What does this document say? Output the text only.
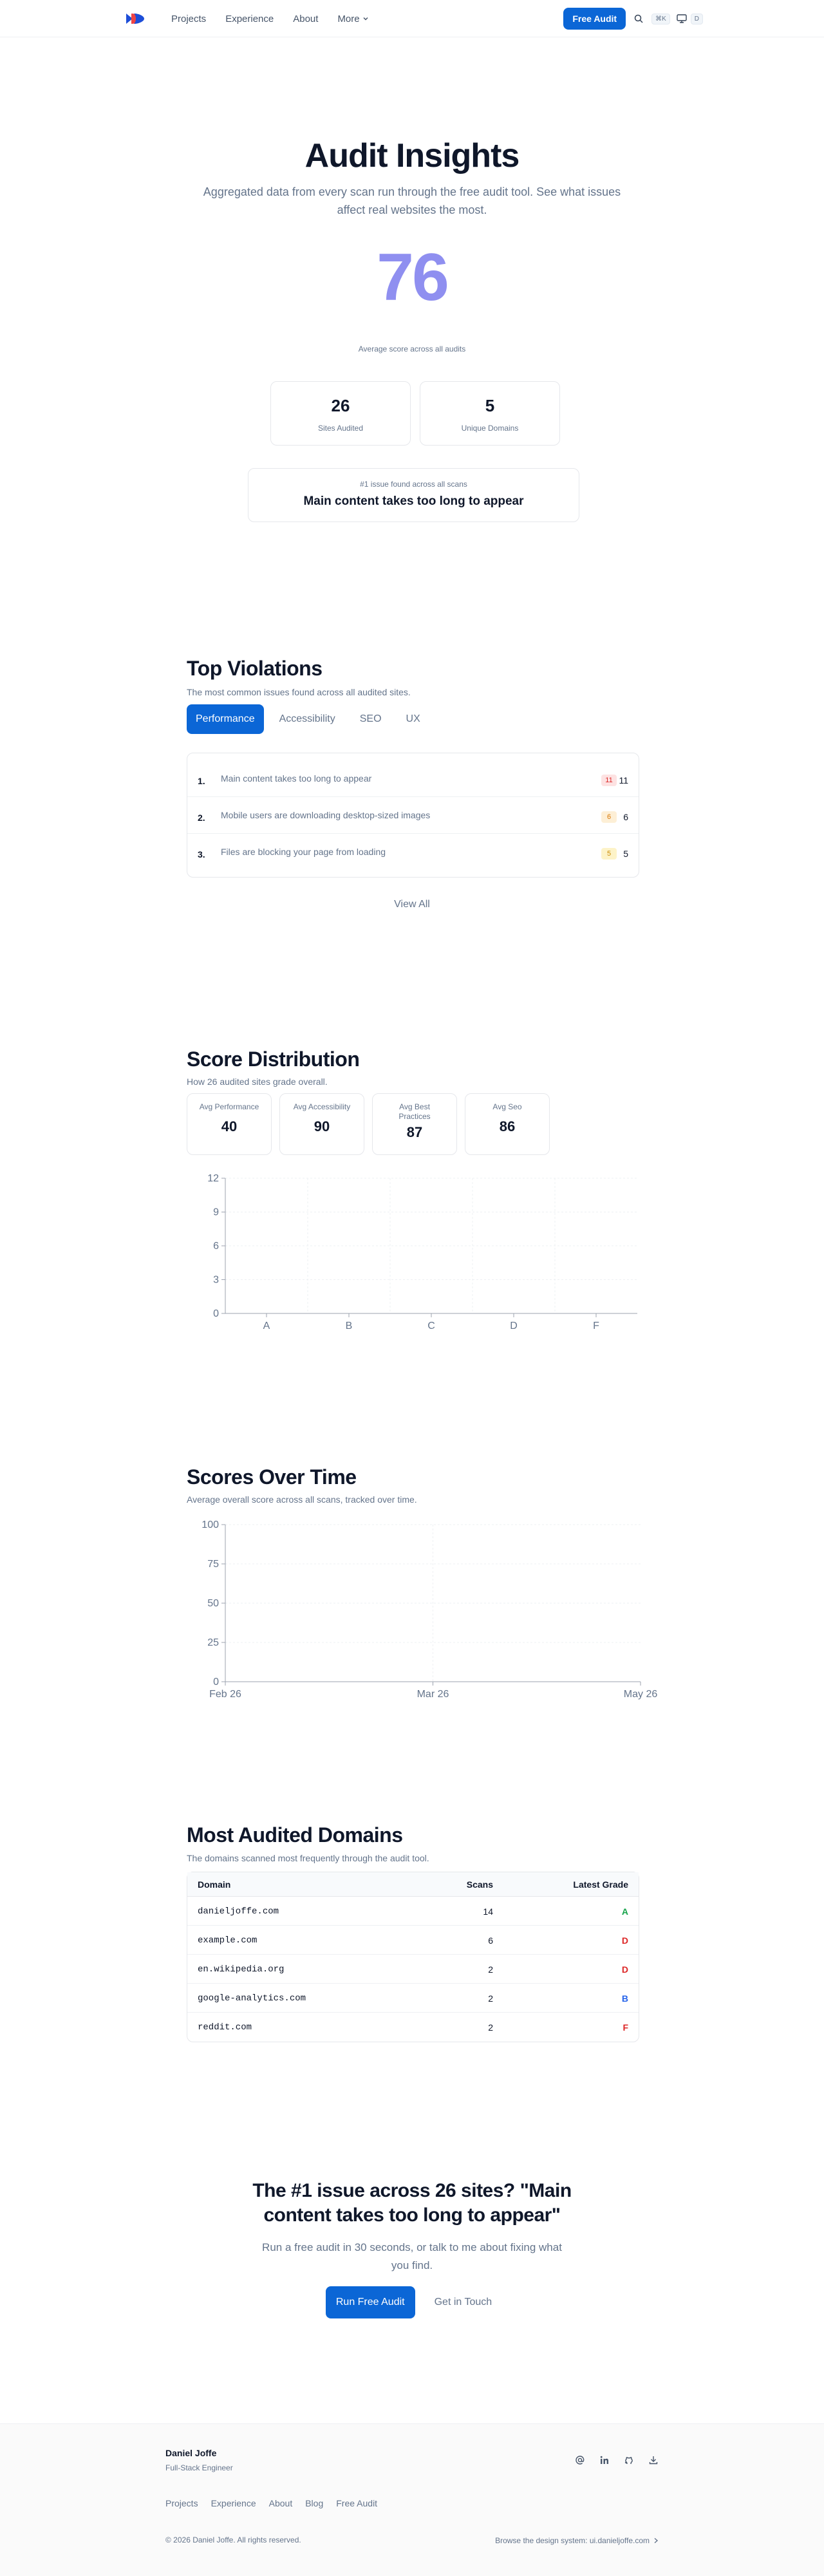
Projects Experience About More	Free Audit	⌘K	D
Audit Insights

Aggregated data from every scan run through the free audit tool. See what issues affect real websites the most.

76
Average score across all audits
26
Sites Audited
5
Unique Domains
#1 issue found across all scans
Main content takes too long to appear
Top Violations

The most common issues found across all audited sites.

Performance	Accessibility	SEO	UX
1. Main content takes too long to appear	11 11
2. Mobile users are downloading desktop-sized images	6	6
3. Files are blocking your page from loading	5	5
View All
Score Distribution

How 26 audited sites grade overall.

Avg Performance
40
Avg Accessibility
90
Avg Best Practices
87
Avg Seo
86
0
3
6
9
12
A	B	C	D	F
Scores Over Time

Average overall score across all scans, tracked over time.

0
25
50
75
100
Feb 26	Mar 26	May 26
Most Audited Domains

The domains scanned most frequently through the audit tool.

Domain	Scans	Latest Grade
danieljoffe.com	14	A
example.com	6	D
en.wikipedia.org	2	D
google-analytics.com	2	B
reddit.com	2	F
The #1 issue across 26 sites? "Main content takes too long to appear"

Run a free audit in 30 seconds, or talk to me about fixing what you find.

Run Free Audit	Get in Touch
Daniel Joffe
Full-Stack Engineer
Projects Experience About Blog Free Audit
© 2026 Daniel Joffe. All rights reserved.	Browse the design system: ui.danieljoffe.com
